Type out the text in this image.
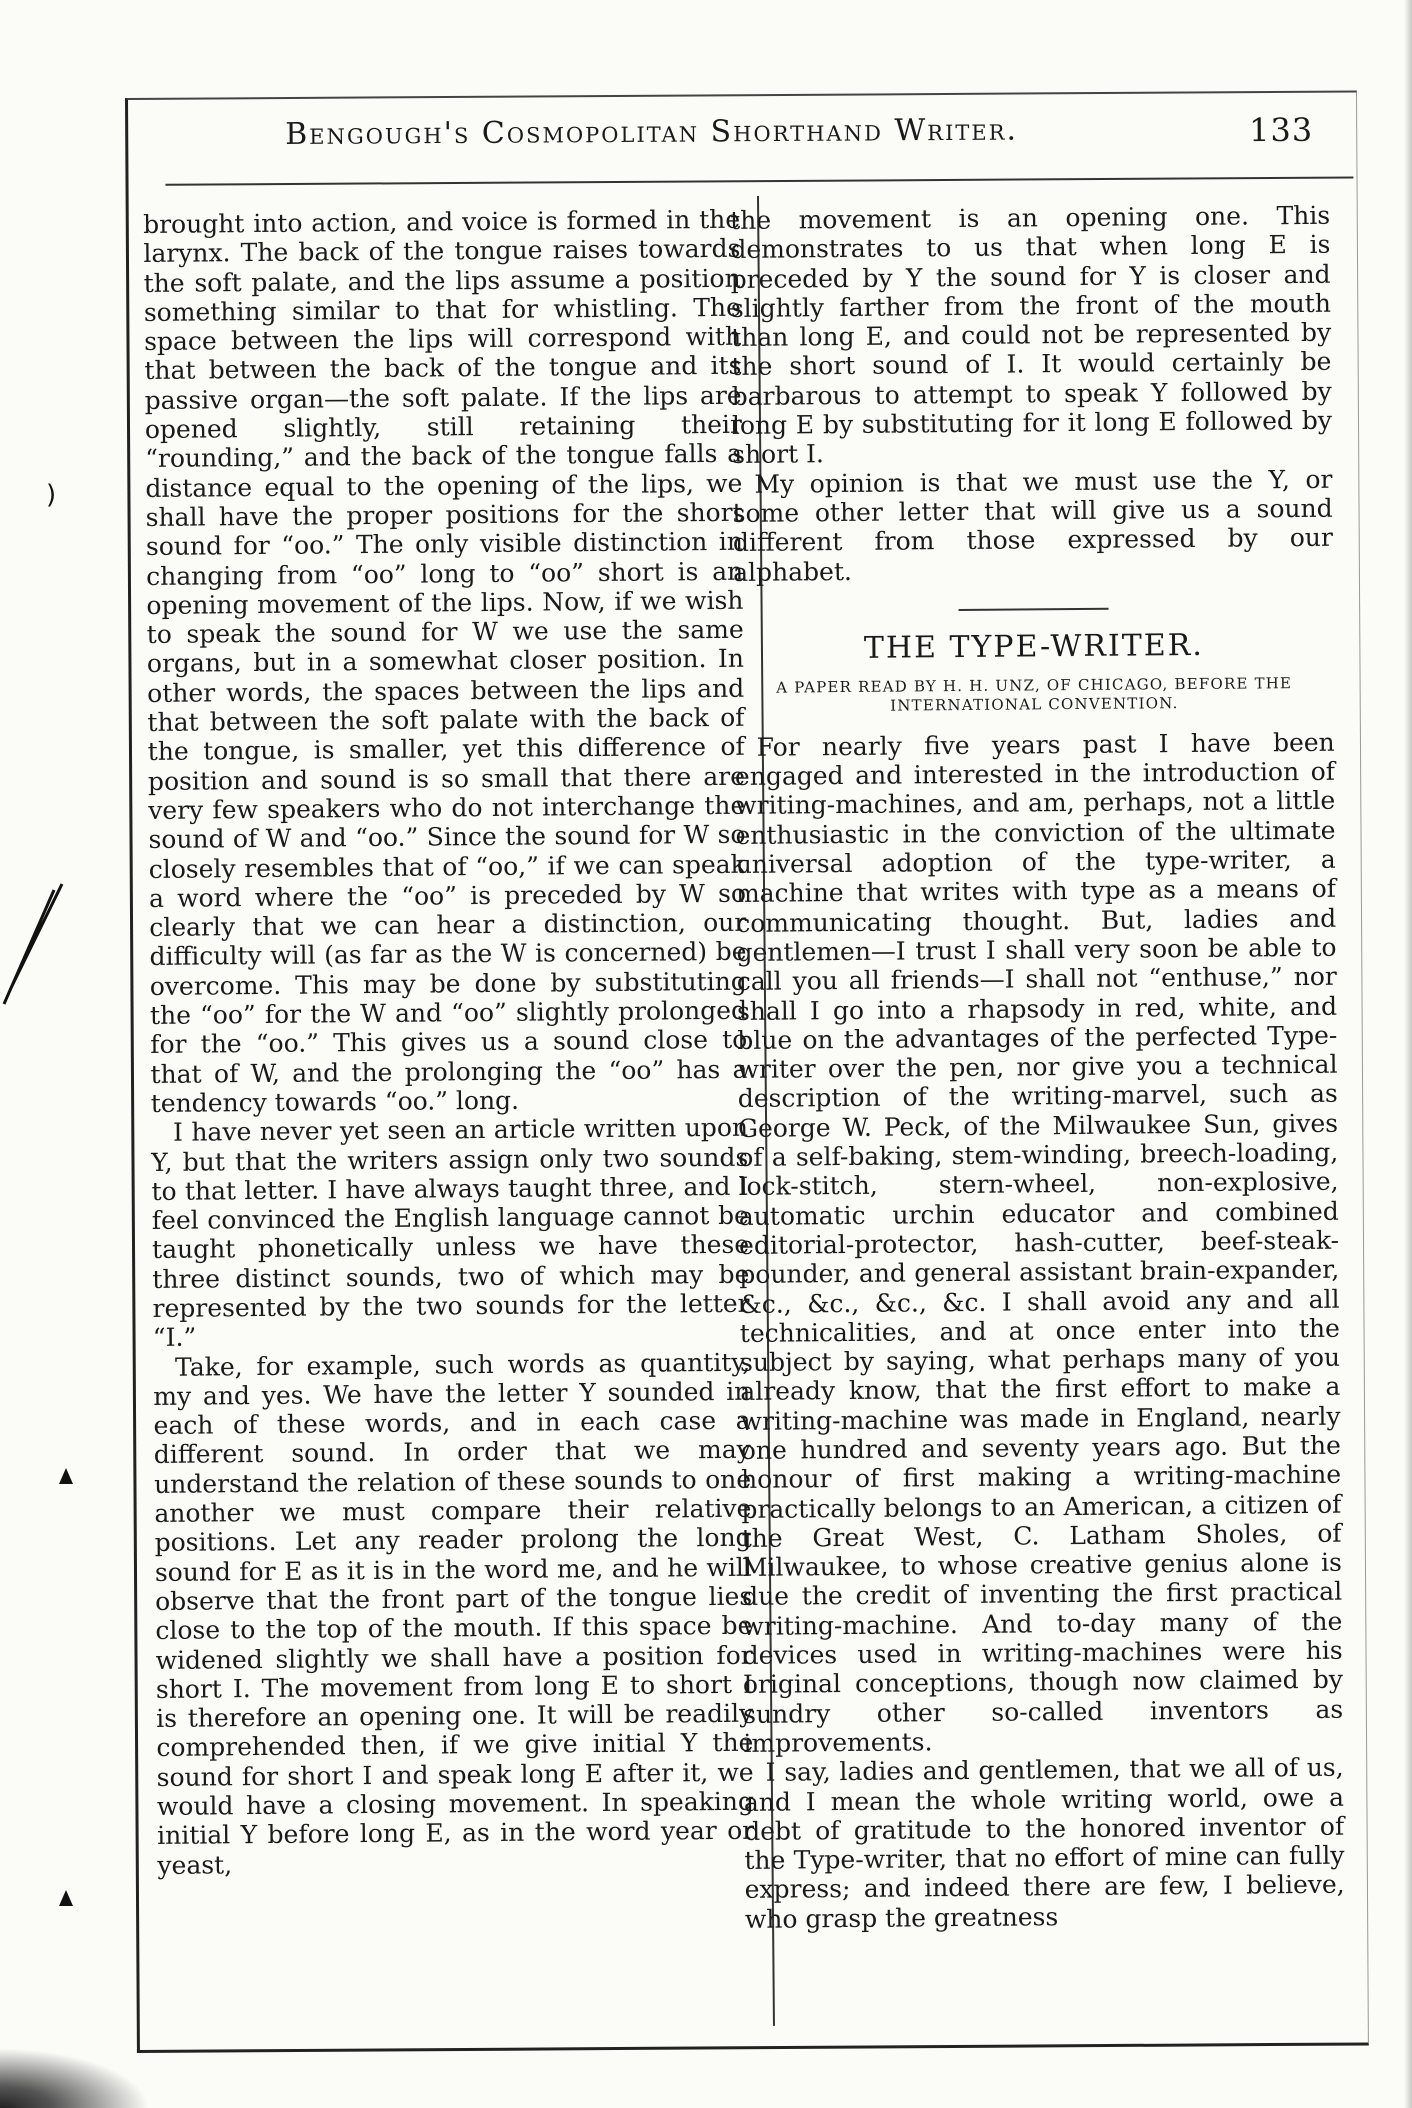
Bengough's Cosmopolitan Shorthand Writer.	133

brought into action, and voice is formed in the larynx. The back of the tongue raises towards the soft palate, and the lips assume a position something similar to that for whistling. The space between the lips will correspond with that between the back of the tongue and its passive organ—the soft palate. If the lips are opened slightly, still retaining their “rounding,” and the back of the tongue falls a distance equal to the opening of the lips, we shall have the proper positions for the short sound for “oo.” The only visible distinction in changing from “oo” long to “oo” short is an opening movement of the lips. Now, if we wish to speak the sound for W we use the same organs, but in a somewhat closer position. In other words, the spaces between the lips and that between the soft palate with the back of the tongue, is smaller, yet this difference of position and sound is so small that there are very few speakers who do not interchange the sound of W and “oo.” Since the sound for W so closely resembles that of “oo,” if we can speak a word where the “oo” is preceded by W so clearly that we can hear a distinction, our difficulty will (as far as the W is concerned) be overcome. This may be done by substituting the “oo” for the W and “oo” slightly prolonged for the “oo.” This gives us a sound close to that of W, and the prolonging the “oo” has a tendency towards “oo.” long.

I have never yet seen an article written upon Y, but that the writers assign only two sounds to that letter. I have always taught three, and I feel convinced the English language cannot be taught phonetically unless we have these three distinct sounds, two of which may be represented by the two sounds for the letter “I.”

Take, for example, such words as quantity, my and yes. We have the letter Y sounded in each of these words, and in each case a different sound. In order that we may understand the relation of these sounds to one another we must compare their relative positions. Let any reader prolong the long sound for E as it is in the word me, and he will observe that the front part of the tongue lies close to the top of the mouth. If this space be widened slightly we shall have a position for short I. The movement from long E to short I is therefore an opening one. It will be readily comprehended then, if we give initial Y the sound for short I and speak long E after it, we would have a closing movement. In speaking initial Y before long E, as in the word year or yeast,

the movement is an opening one. This demonstrates to us that when long E is preceded by Y the sound for Y is closer and slightly farther from the front of the mouth than long E, and could not be represented by the short sound of I. It would certainly be barbarous to attempt to speak Y followed by long E by substituting for it long E followed by short I.

My opinion is that we must use the Y, or some other letter that will give us a sound different from those expressed by our alphabet.

THE TYPE-WRITER.
A PAPER READ BY H. H. UNZ, OF CHICAGO, BEFORE THE INTERNATIONAL CONVENTION.

For nearly five years past I have been engaged and interested in the introduction of writing-machines, and am, perhaps, not a little enthusiastic in the conviction of the ultimate universal adoption of the type-writer, a machine that writes with type as a means of communicating thought. But, ladies and gentlemen—I trust I shall very soon be able to call you all friends—I shall not “enthuse,” nor shall I go into a rhapsody in red, white, and blue on the advantages of the perfected Type-writer over the pen, nor give you a technical description of the writing-marvel, such as George W. Peck, of the Milwaukee Sun, gives of a self-baking, stem-winding, breech-loading, lock-stitch, stern-wheel, non-explosive, automatic urchin educator and combined editorial-protector, hash-cutter, beef-steak-pounder, and general assistant brain-expander, &c., &c., &c., &c. I shall avoid any and all technicalities, and at once enter into the subject by saying, what perhaps many of you already know, that the first effort to make a writing-machine was made in England, nearly one hundred and seventy years ago. But the honour of first making a writing-machine practically belongs to an American, a citizen of the Great West, C. Latham Sholes, of Milwaukee, to whose creative genius alone is due the credit of inventing the first practical writing-machine. And to-day many of the devices used in writing-machines were his original conceptions, though now claimed by sundry other so-called inventors as improvements.

I say, ladies and gentlemen, that we all of us, and I mean the whole writing world, owe a debt of gratitude to the honored inventor of the Type-writer, that no effort of mine can fully express; and indeed there are few, I believe, who grasp the greatness

)
